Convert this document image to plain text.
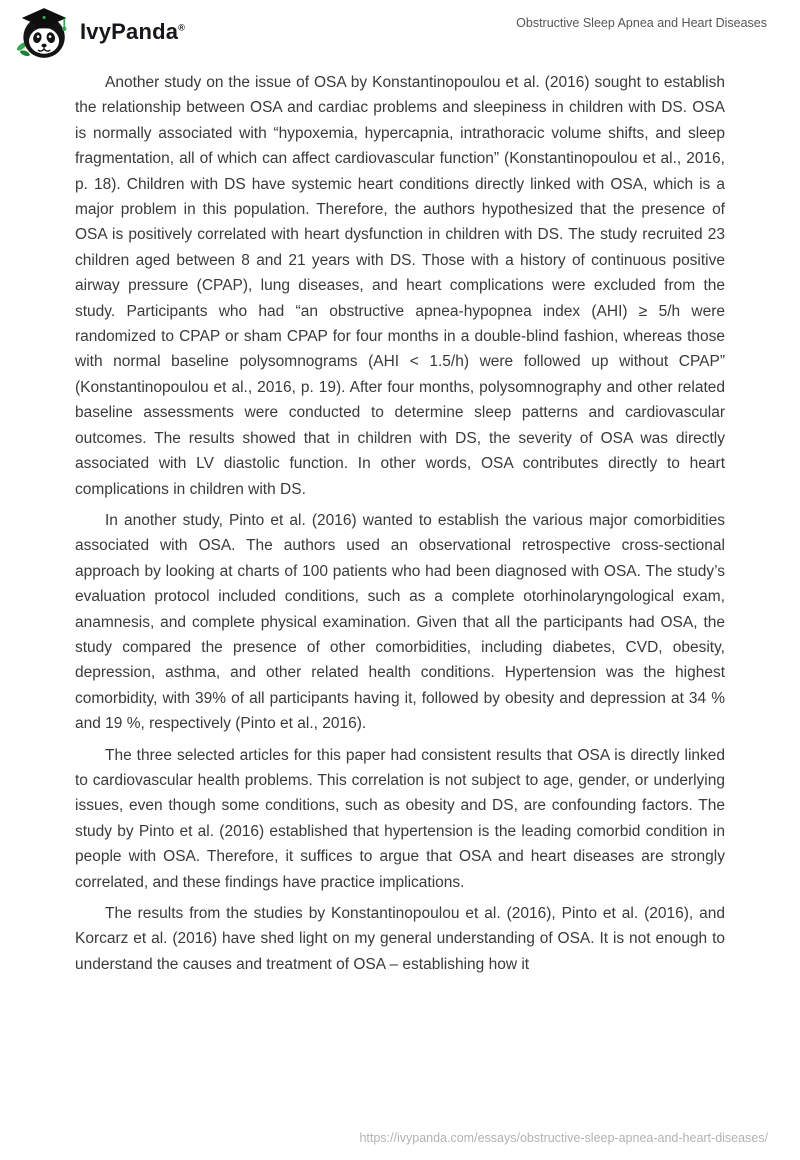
IvyPanda®	Obstructive Sleep Apnea and Heart Diseases

Another study on the issue of OSA by Konstantinopoulou et al. (2016) sought to establish the relationship between OSA and cardiac problems and sleepiness in children with DS. OSA is normally associated with “hypoxemia, hypercapnia, intrathoracic volume shifts, and sleep fragmentation, all of which can affect cardiovascular function” (Konstantinopoulou et al., 2016, p. 18). Children with DS have systemic heart conditions directly linked with OSA, which is a major problem in this population. Therefore, the authors hypothesized that the presence of OSA is positively correlated with heart dysfunction in children with DS. The study recruited 23 children aged between 8 and 21 years with DS. Those with a history of continuous positive airway pressure (CPAP), lung diseases, and heart complications were excluded from the study. Participants who had “an obstructive apnea-hypopnea index (AHI) ≥ 5/h were randomized to CPAP or sham CPAP for four months in a double-blind fashion, whereas those with normal baseline polysomnograms (AHI < 1.5/h) were followed up without CPAP” (Konstantinopoulou et al., 2016, p. 19). After four months, polysomnography and other related baseline assessments were conducted to determine sleep patterns and cardiovascular outcomes. The results showed that in children with DS, the severity of OSA was directly associated with LV diastolic function. In other words, OSA contributes directly to heart complications in children with DS.

In another study, Pinto et al. (2016) wanted to establish the various major comorbidities associated with OSA. The authors used an observational retrospective cross-sectional approach by looking at charts of 100 patients who had been diagnosed with OSA. The study’s evaluation protocol included conditions, such as a complete otorhinolaryngological exam, anamnesis, and complete physical examination. Given that all the participants had OSA, the study compared the presence of other comorbidities, including diabetes, CVD, obesity, depression, asthma, and other related health conditions. Hypertension was the highest comorbidity, with 39% of all participants having it, followed by obesity and depression at 34 % and 19 %, respectively (Pinto et al., 2016).

The three selected articles for this paper had consistent results that OSA is directly linked to cardiovascular health problems. This correlation is not subject to age, gender, or underlying issues, even though some conditions, such as obesity and DS, are confounding factors. The study by Pinto et al. (2016) established that hypertension is the leading comorbid condition in people with OSA. Therefore, it suffices to argue that OSA and heart diseases are strongly correlated, and these findings have practice implications.

The results from the studies by Konstantinopoulou et al. (2016), Pinto et al. (2016), and Korcarz et al. (2016) have shed light on my general understanding of OSA. It is not enough to understand the causes and treatment of OSA – establishing how it

https://ivypanda.com/essays/obstructive-sleep-apnea-and-heart-diseases/
